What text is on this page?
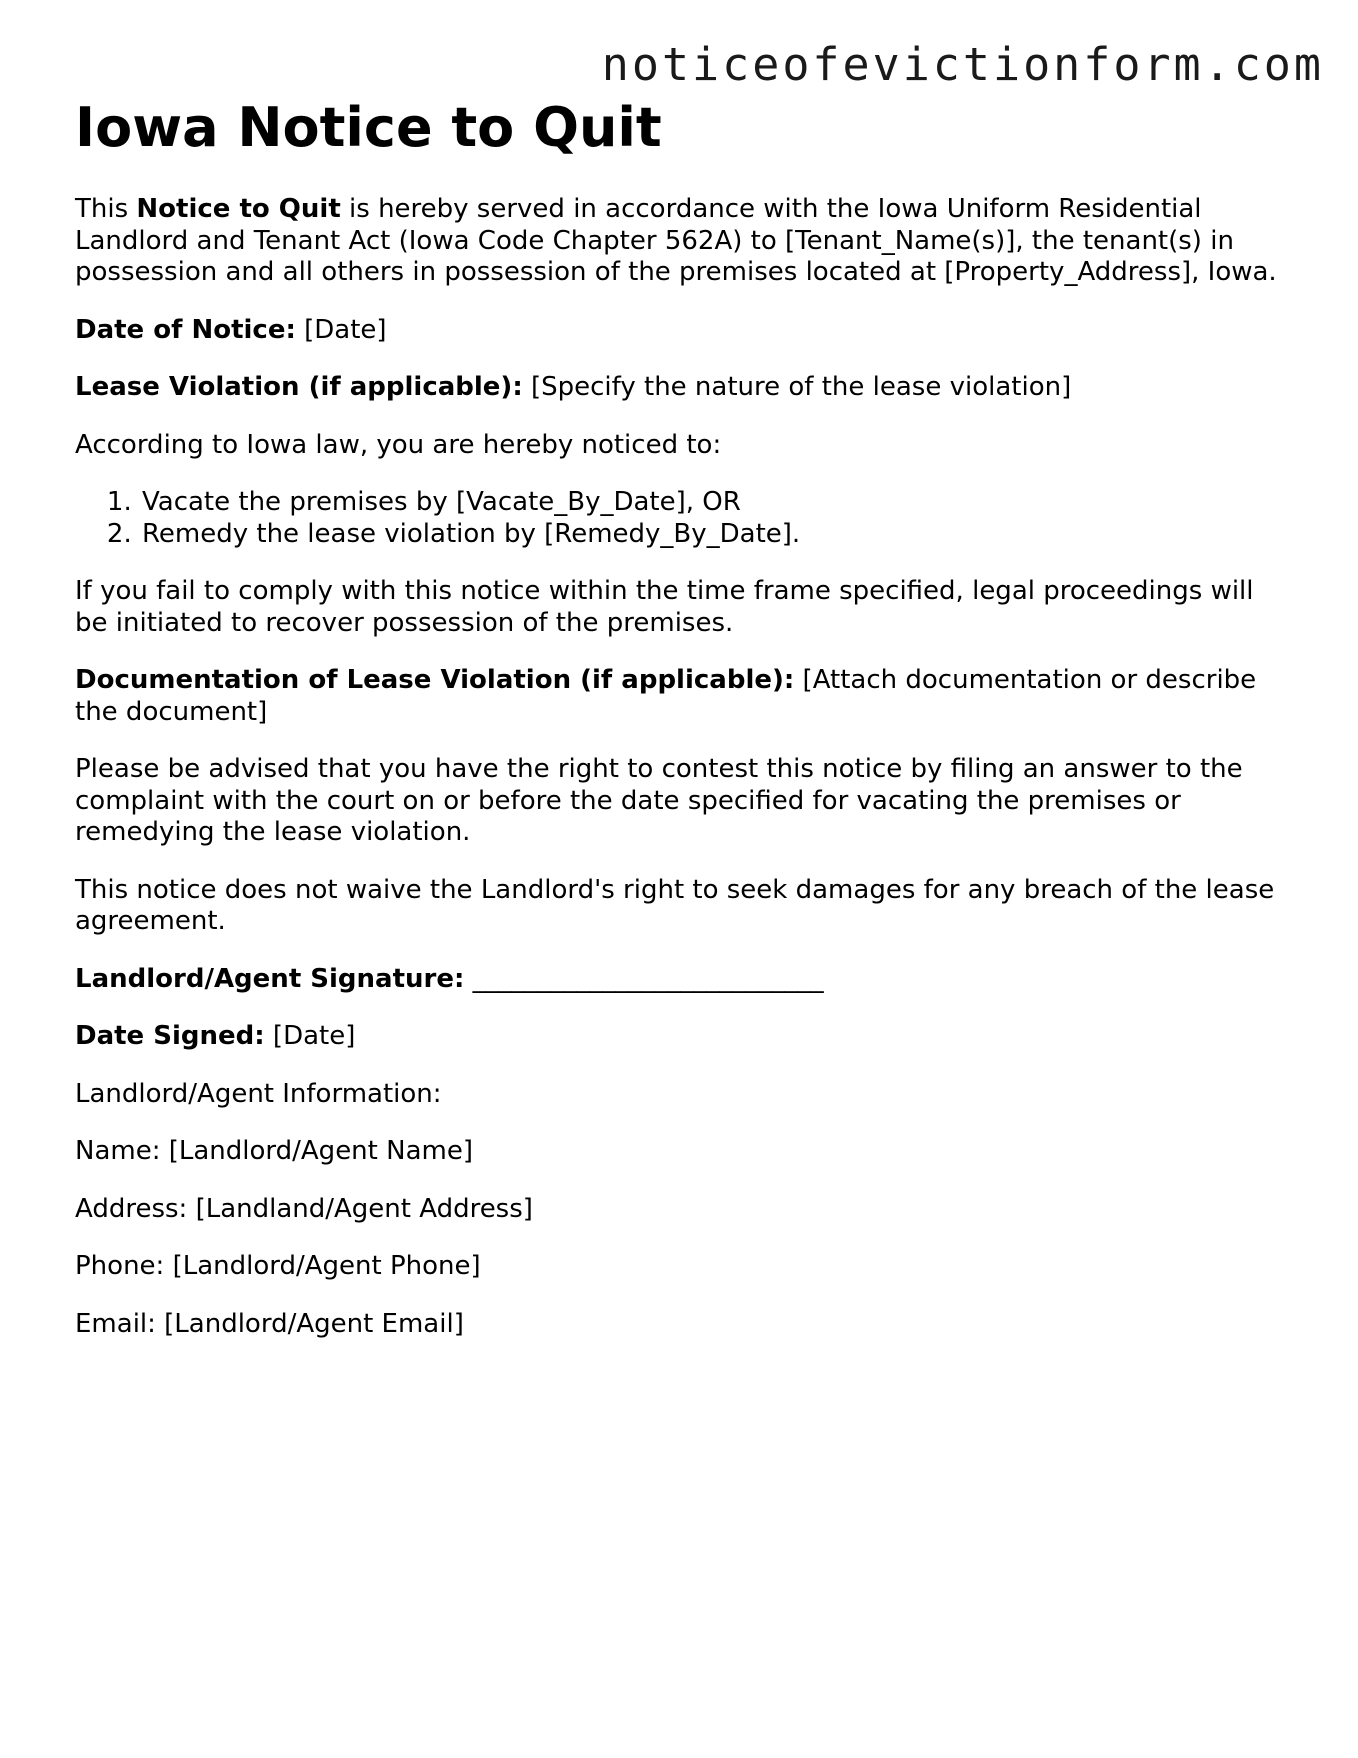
noticeofevictionform.com
Iowa Notice to Quit

This Notice to Quit is hereby served in accordance with the Iowa Uniform Residential Landlord and Tenant Act (Iowa Code Chapter 562A) to [Tenant_Name(s)], the tenant(s) in possession and all others in possession of the premises located at [Property_Address], Iowa.

Date of Notice: [Date]

Lease Violation (if applicable): [Specify the nature of the lease violation]

According to Iowa law, you are hereby noticed to:

1. Vacate the premises by [Vacate_By_Date], OR
2. Remedy the lease violation by [Remedy_By_Date].

If you fail to comply with this notice within the time frame specified, legal proceedings will be initiated to recover possession of the premises.

Documentation of Lease Violation (if applicable): [Attach documentation or describe the document]

Please be advised that you have the right to contest this notice by filing an answer to the complaint with the court on or before the date specified for vacating the premises or remedying the lease violation.

This notice does not waive the Landlord's right to seek damages for any breach of the lease agreement.

Landlord/Agent Signature: ___________________________

Date Signed: [Date]

Landlord/Agent Information:

Name: [Landlord/Agent Name]

Address: [Landland/Agent Address]

Phone: [Landlord/Agent Phone]

Email: [Landlord/Agent Email]
